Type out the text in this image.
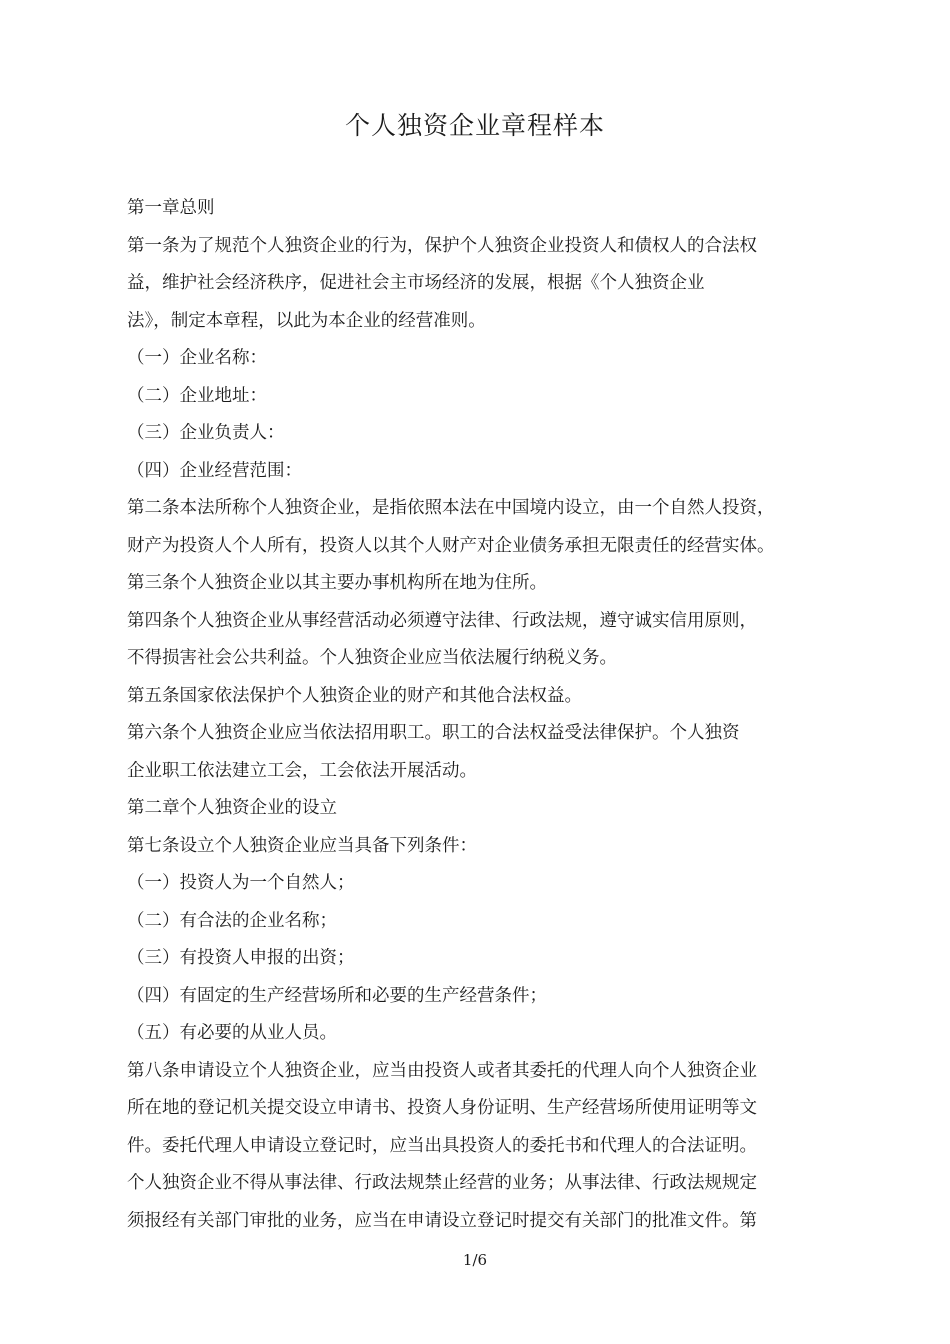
个人独资企业章程样本
第一章总则
第一条为了规范个人独资企业的行为，保护个人独资企业投资人和债权人的合法权
益，维护社会经济秩序，促进社会主市场经济的发展，根据《个人独资企业
法》，制定本章程，以此为本企业的经营准则。
（一）企业名称：
（二）企业地址：
（三）企业负责人：
（四）企业经营范围：
第二条本法所称个人独资企业，是指依照本法在中国境内设立，由一个自然人投资，
财产为投资人个人所有，投资人以其个人财产对企业债务承担无限责任的经营实体。
第三条个人独资企业以其主要办事机构所在地为住所。
第四条个人独资企业从事经营活动必须遵守法律、行政法规，遵守诚实信用原则，
不得损害社会公共利益。个人独资企业应当依法履行纳税义务。
第五条国家依法保护个人独资企业的财产和其他合法权益。
第六条个人独资企业应当依法招用职工。职工的合法权益受法律保护。个人独资
企业职工依法建立工会，工会依法开展活动。
第二章个人独资企业的设立
第七条设立个人独资企业应当具备下列条件：
（一）投资人为一个自然人；
（二）有合法的企业名称；
（三）有投资人申报的出资；
（四）有固定的生产经营场所和必要的生产经营条件；
（五）有必要的从业人员。
第八条申请设立个人独资企业，应当由投资人或者其委托的代理人向个人独资企业
所在地的登记机关提交设立申请书、投资人身份证明、生产经营场所使用证明等文
件。委托代理人申请设立登记时，应当出具投资人的委托书和代理人的合法证明。
个人独资企业不得从事法律、行政法规禁止经营的业务；从事法律、行政法规规定
须报经有关部门审批的业务，应当在申请设立登记时提交有关部门的批准文件。第
1/6
